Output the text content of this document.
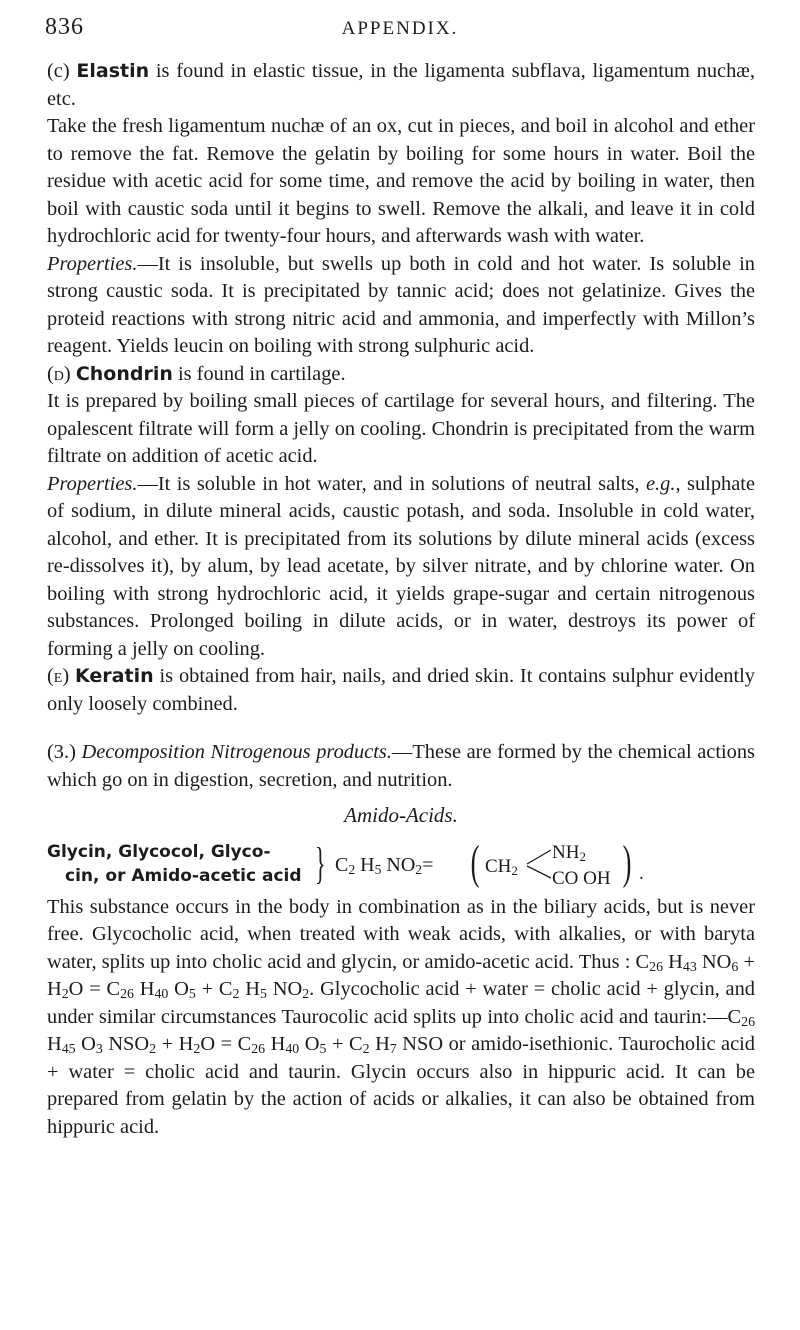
836	APPENDIX.

(c) Elastin is found in elastic tissue, in the ligamenta subflava, ligamentum nuchæ, etc.

Take the fresh ligamentum nuchæ of an ox, cut in pieces, and boil in alcohol and ether to remove the fat. Remove the gelatin by boiling for some hours in water. Boil the residue with acetic acid for some time, and remove the acid by boiling in water, then boil with caustic soda until it begins to swell. Remove the alkali, and leave it in cold hydrochloric acid for twenty-four hours, and afterwards wash with water.

Properties.—It is insoluble, but swells up both in cold and hot water. Is soluble in strong caustic soda. It is precipitated by tannic acid; does not gelatinize. Gives the proteid reactions with strong nitric acid and ammonia, and imperfectly with Millon’s reagent. Yields leucin on boiling with strong sulphuric acid.

(d) Chondrin is found in cartilage.

It is prepared by boiling small pieces of cartilage for several hours, and filtering. The opalescent filtrate will form a jelly on cooling. Chondrin is precipitated from the warm filtrate on addition of acetic acid.

Properties.—It is soluble in hot water, and in solutions of neutral salts, e.g., sulphate of sodium, in dilute mineral acids, caustic potash, and soda. Insoluble in cold water, alcohol, and ether. It is precipitated from its solutions by dilute mineral acids (excess re-dissolves it), by alum, by lead acetate, by silver nitrate, and by chlorine water. On boiling with strong hydrochloric acid, it yields grape-sugar and certain nitrogenous substances. Prolonged boiling in dilute acids, or in water, destroys its power of forming a jelly on cooling.

(e) Keratin is obtained from hair, nails, and dried skin. It contains sulphur evidently only loosely combined.

(3.) Decomposition Nitrogenous products.—These are formed by the chemical actions which go on in digestion, secretion, and nutrition.

Amido-Acids.
Glycin, Glycocol, Glyco-
cin, or Amido-acetic acid } $C_2$ $H_5$ $NO_2=$ ( $CH_2$
$NH_2$
CO OH ) .

This substance occurs in the body in combination as in the biliary acids, but is never free. Glycocholic acid, when treated with weak acids, with alkalies, or with baryta water, splits up into cholic acid and glycin, or amido-acetic acid. Thus : $C_{26}$ $H_{43}$ $NO_6 + H_2O = C_{26}$ $H_{40}$ $O_5 + C_2$ $H_5$ $NO_2$. Glycocholic acid + water = cholic acid + glycin, and under similar circumstances Taurocolic acid splits up into cholic acid and $taurin:—C_{26}$ $H_{45}$ $O_3$ $NSO_2 + H_2O = C_{26}$ $H_{40}$ $O_5 + C_2$ $H_7$ NSO or amido-isethionic. Taurocholic acid + water = cholic acid and taurin. Glycin occurs also in hippuric acid. It can be prepared from gelatin by the action of acids or alkalies, it can also be obtained from hippuric acid.
